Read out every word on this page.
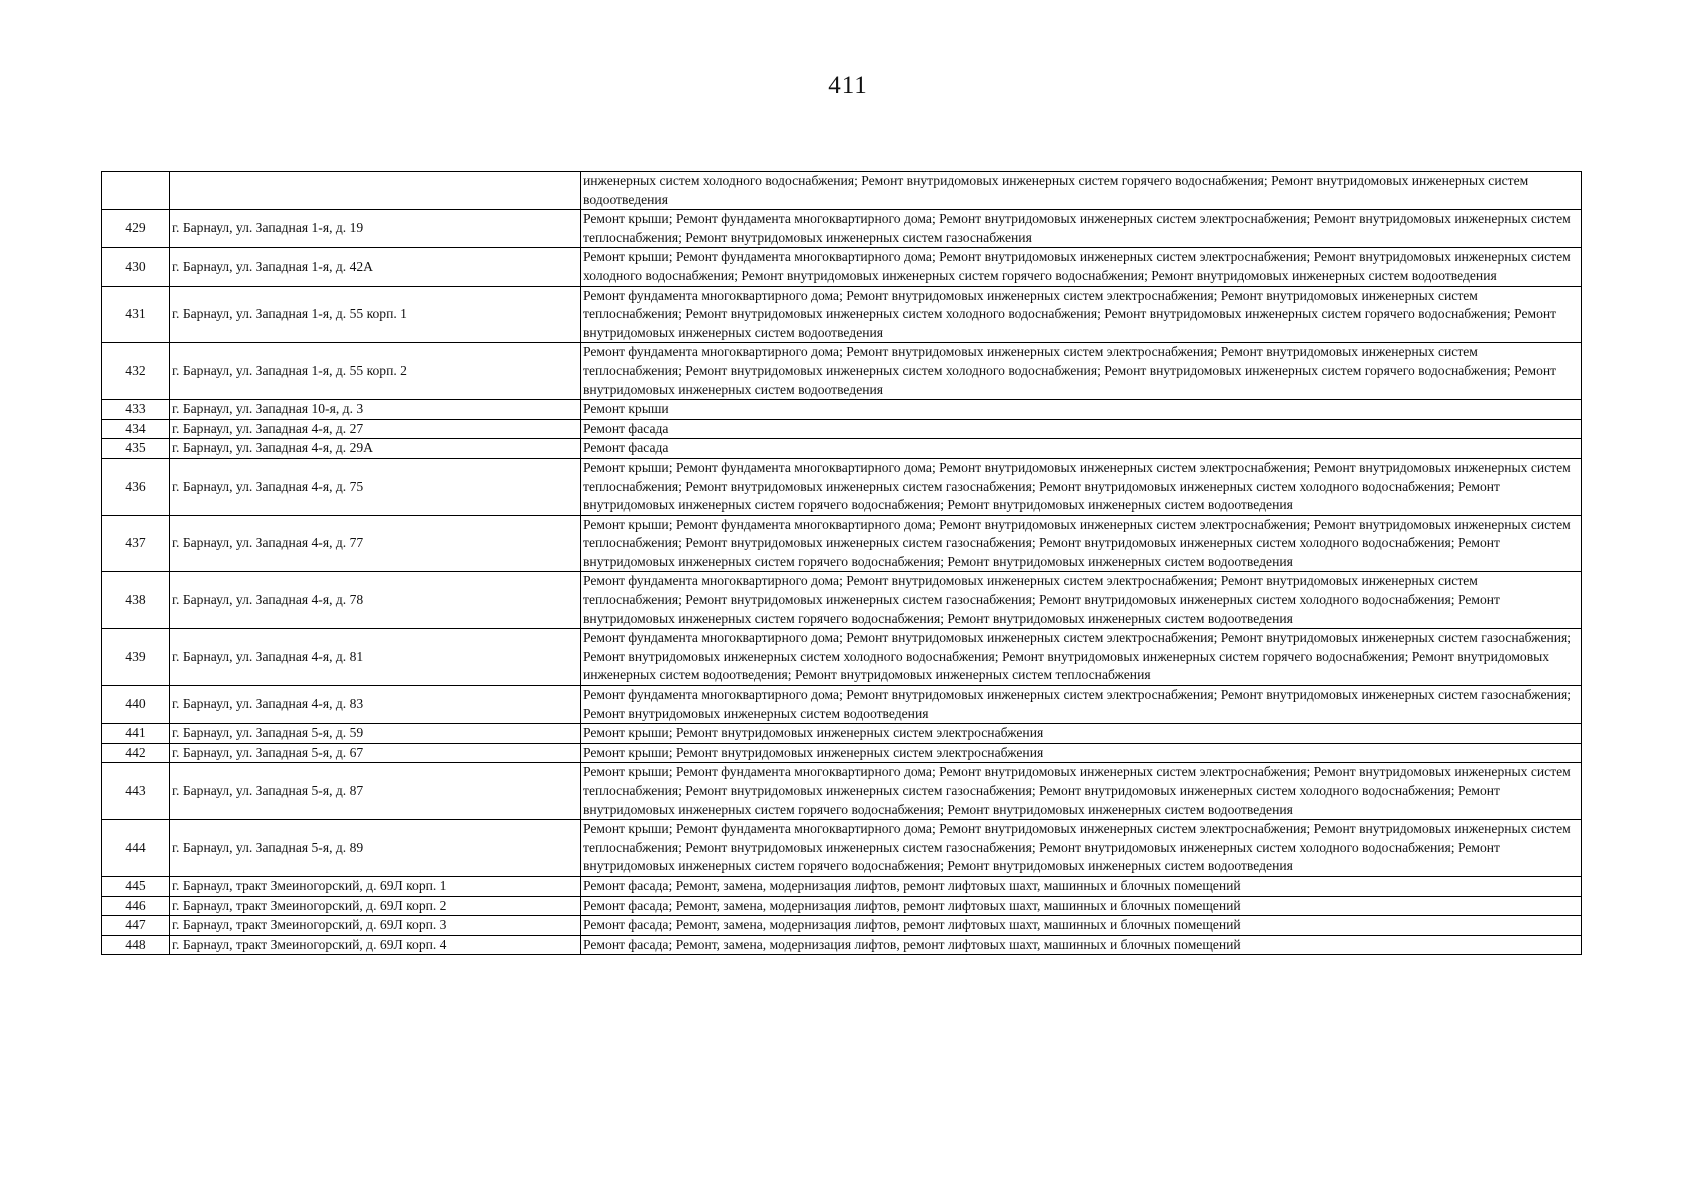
411
		инженерных систем холодного водоснабжения; Ремонт внутридомовых инженерных систем горячего водоснабжения; Ремонт внутридомовых инженерных систем водоотведения
429	г. Барнаул, ул. Западная 1-я, д. 19	Ремонт крыши; Ремонт фундамента многоквартирного дома; Ремонт внутридомовых инженерных систем электроснабжения; Ремонт внутридомовых инженерных систем теплоснабжения; Ремонт внутридомовых инженерных систем газоснабжения
430	г. Барнаул, ул. Западная 1-я, д. 42А	Ремонт крыши; Ремонт фундамента многоквартирного дома; Ремонт внутридомовых инженерных систем электроснабжения; Ремонт внутридомовых инженерных систем холодного водоснабжения; Ремонт внутридомовых инженерных систем горячего водоснабжения; Ремонт внутридомовых инженерных систем водоотведения
431	г. Барнаул, ул. Западная 1-я, д. 55 корп. 1	Ремонт фундамента многоквартирного дома; Ремонт внутридомовых инженерных систем электроснабжения; Ремонт внутридомовых инженерных систем теплоснабжения; Ремонт внутридомовых инженерных систем холодного водоснабжения; Ремонт внутридомовых инженерных систем горячего водоснабжения; Ремонт внутридомовых инженерных систем водоотведения
432	г. Барнаул, ул. Западная 1-я, д. 55 корп. 2	Ремонт фундамента многоквартирного дома; Ремонт внутридомовых инженерных систем электроснабжения; Ремонт внутридомовых инженерных систем теплоснабжения; Ремонт внутридомовых инженерных систем холодного водоснабжения; Ремонт внутридомовых инженерных систем горячего водоснабжения; Ремонт внутридомовых инженерных систем водоотведения
433	г. Барнаул, ул. Западная 10-я, д. 3	Ремонт крыши
434	г. Барнаул, ул. Западная 4-я, д. 27	Ремонт фасада
435	г. Барнаул, ул. Западная 4-я, д. 29А	Ремонт фасада
436	г. Барнаул, ул. Западная 4-я, д. 75	Ремонт крыши; Ремонт фундамента многоквартирного дома; Ремонт внутридомовых инженерных систем электроснабжения; Ремонт внутридомовых инженерных систем теплоснабжения; Ремонт внутридомовых инженерных систем газоснабжения; Ремонт внутридомовых инженерных систем холодного водоснабжения; Ремонт внутридомовых инженерных систем горячего водоснабжения; Ремонт внутридомовых инженерных систем водоотведения
437	г. Барнаул, ул. Западная 4-я, д. 77	Ремонт крыши; Ремонт фундамента многоквартирного дома; Ремонт внутридомовых инженерных систем электроснабжения; Ремонт внутридомовых инженерных систем теплоснабжения; Ремонт внутридомовых инженерных систем газоснабжения; Ремонт внутридомовых инженерных систем холодного водоснабжения; Ремонт внутридомовых инженерных систем горячего водоснабжения; Ремонт внутридомовых инженерных систем водоотведения
438	г. Барнаул, ул. Западная 4-я, д. 78	Ремонт фундамента многоквартирного дома; Ремонт внутридомовых инженерных систем электроснабжения; Ремонт внутридомовых инженерных систем теплоснабжения; Ремонт внутридомовых инженерных систем газоснабжения; Ремонт внутридомовых инженерных систем холодного водоснабжения; Ремонт внутридомовых инженерных систем горячего водоснабжения; Ремонт внутридомовых инженерных систем водоотведения
439	г. Барнаул, ул. Западная 4-я, д. 81	Ремонт фундамента многоквартирного дома; Ремонт внутридомовых инженерных систем электроснабжения; Ремонт внутридомовых инженерных систем газоснабжения; Ремонт внутридомовых инженерных систем холодного водоснабжения; Ремонт внутридомовых инженерных систем горячего водоснабжения; Ремонт внутридомовых инженерных систем водоотведения; Ремонт внутридомовых инженерных систем теплоснабжения
440	г. Барнаул, ул. Западная 4-я, д. 83	Ремонт фундамента многоквартирного дома; Ремонт внутридомовых инженерных систем электроснабжения; Ремонт внутридомовых инженерных систем газоснабжения; Ремонт внутридомовых инженерных систем водоотведения
441	г. Барнаул, ул. Западная 5-я, д. 59	Ремонт крыши; Ремонт внутридомовых инженерных систем электроснабжения
442	г. Барнаул, ул. Западная 5-я, д. 67	Ремонт крыши; Ремонт внутридомовых инженерных систем электроснабжения
443	г. Барнаул, ул. Западная 5-я, д. 87	Ремонт крыши; Ремонт фундамента многоквартирного дома; Ремонт внутридомовых инженерных систем электроснабжения; Ремонт внутридомовых инженерных систем теплоснабжения; Ремонт внутридомовых инженерных систем газоснабжения; Ремонт внутридомовых инженерных систем холодного водоснабжения; Ремонт внутридомовых инженерных систем горячего водоснабжения; Ремонт внутридомовых инженерных систем водоотведения
444	г. Барнаул, ул. Западная 5-я, д. 89	Ремонт крыши; Ремонт фундамента многоквартирного дома; Ремонт внутридомовых инженерных систем электроснабжения; Ремонт внутридомовых инженерных систем теплоснабжения; Ремонт внутридомовых инженерных систем газоснабжения; Ремонт внутридомовых инженерных систем холодного водоснабжения; Ремонт внутридомовых инженерных систем горячего водоснабжения; Ремонт внутридомовых инженерных систем водоотведения
445	г. Барнаул, тракт Змеиногорский, д. 69Л корп. 1	Ремонт фасада; Ремонт, замена, модернизация лифтов, ремонт лифтовых шахт, машинных и блочных помещений
446	г. Барнаул, тракт Змеиногорский, д. 69Л корп. 2	Ремонт фасада; Ремонт, замена, модернизация лифтов, ремонт лифтовых шахт, машинных и блочных помещений
447	г. Барнаул, тракт Змеиногорский, д. 69Л корп. 3	Ремонт фасада; Ремонт, замена, модернизация лифтов, ремонт лифтовых шахт, машинных и блочных помещений
448	г. Барнаул, тракт Змеиногорский, д. 69Л корп. 4	Ремонт фасада; Ремонт, замена, модернизация лифтов, ремонт лифтовых шахт, машинных и блочных помещений
